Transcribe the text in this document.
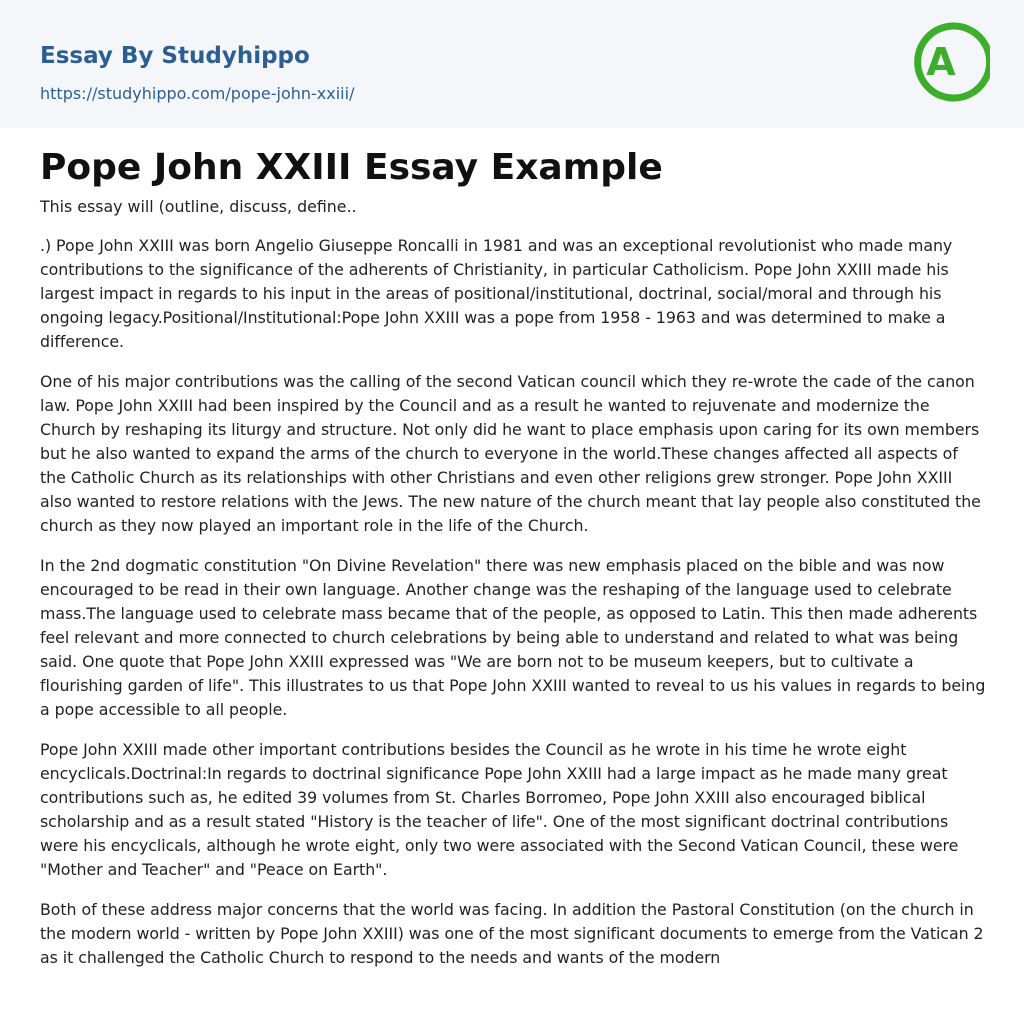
Essay By Studyhippo
https://studyhippo.com/pope-john-xxiii/
A
Pope John XXIII Essay Example

This essay will (outline, discuss, define..

.) Pope John XXIII was born Angelio Giuseppe Roncalli in 1981 and was an exceptional revolutionist who made many contributions to the significance of the adherents of Christianity, in particular Catholicism. Pope John XXIII made his largest impact in regards to his input in the areas of positional/institutional, doctrinal, social/moral and through his ongoing legacy.Positional/Institutional:Pope John XXIII was a pope from 1958 - 1963 and was determined to make a difference.

One of his major contributions was the calling of the second Vatican council which they re-wrote the cade of the canon law. Pope John XXIII had been inspired by the Council and as a result he wanted to rejuvenate and modernize the Church by reshaping its liturgy and structure. Not only did he want to place emphasis upon caring for its own members but he also wanted to expand the arms of the church to everyone in the world.These changes affected all aspects of the Catholic Church as its relationships with other Christians and even other religions grew stronger. Pope John XXIII also wanted to restore relations with the Jews. The new nature of the church meant that lay people also constituted the church as they now played an important role in the life of the Church.

In the 2nd dogmatic constitution "On Divine Revelation" there was new emphasis placed on the bible and was now encouraged to be read in their own language. Another change was the reshaping of the language used to celebrate mass.The language used to celebrate mass became that of the people, as opposed to Latin. This then made adherents feel relevant and more connected to church celebrations by being able to understand and related to what was being said. One quote that Pope John XXIII expressed was "We are born not to be museum keepers, but to cultivate a flourishing garden of life". This illustrates to us that Pope John XXIII wanted to reveal to us his values in regards to being a pope accessible to all people.

Pope John XXIII made other important contributions besides the Council as he wrote in his time he wrote eight encyclicals.Doctrinal:In regards to doctrinal significance Pope John XXIII had a large impact as he made many great contributions such as, he edited 39 volumes from St. Charles Borromeo, Pope John XXIII also encouraged biblical scholarship and as a result stated "History is the teacher of life". One of the most significant doctrinal contributions were his encyclicals, although he wrote eight, only two were associated with the Second Vatican Council, these were "Mother and Teacher" and "Peace on Earth".

Both of these address major concerns that the world was facing. In addition the Pastoral Constitution (on the church in the modern world - written by Pope John XXIII) was one of the most significant documents to emerge from the Vatican 2 as it challenged the Catholic Church to respond to the needs and wants of the modern
